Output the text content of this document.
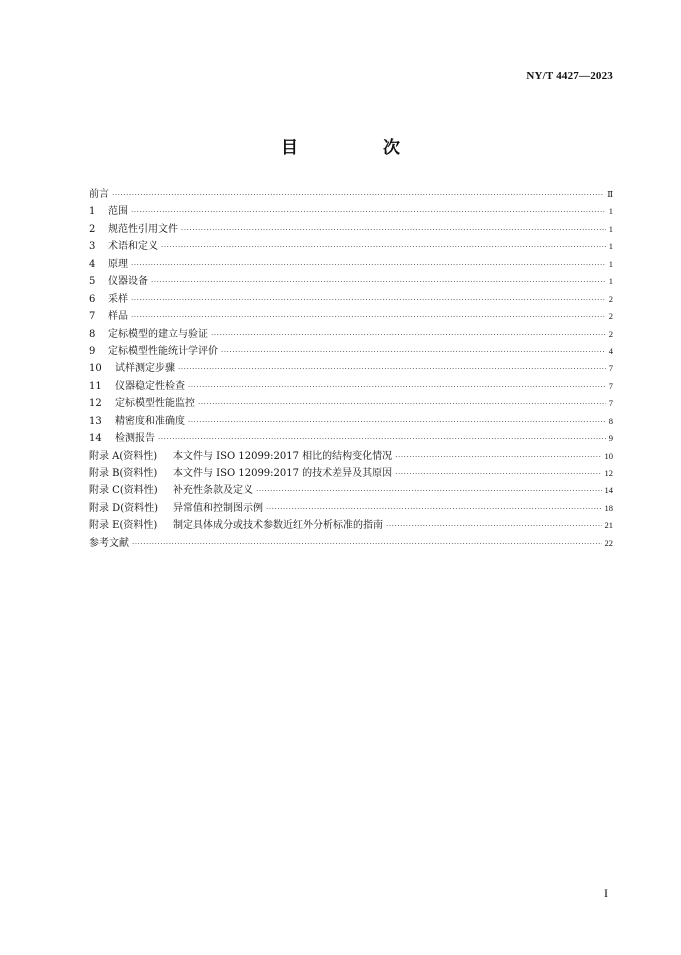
NY/T 4427—2023
目　次
前言 ·····	Ⅱ
1	范围 ·····	1
2	规范性引用文件 ·····	1
3	术语和定义 ·····	1
4	原理 ·····	1
5	仪器设备 ·····	1
6	采样 ·····	2
7	样品 ·····	2
8	定标模型的建立与验证 ·····	2
9	定标模型性能统计学评价 ·····	4
10	试样测定步骤 ·····	7
11	仪器稳定性检查 ·····	7
12	定标模型性能监控 ·····	7
13	精密度和准确度 ·····	8
14	检测报告 ·····	9
附录 A(资料性)	本文件与 ISO 12099:2017 相比的结构变化情况 ·····	10
附录 B(资料性)	本文件与 ISO 12099:2017 的技术差异及其原因 ·····	12
附录 C(资料性)	补充性条款及定义 ·····	14
附录 D(资料性)	异常值和控制图示例 ·····	18
附录 E(资料性)	制定具体成分或技术参数近红外分析标准的指南 ·····	21
参考文献 ·····	22
I
